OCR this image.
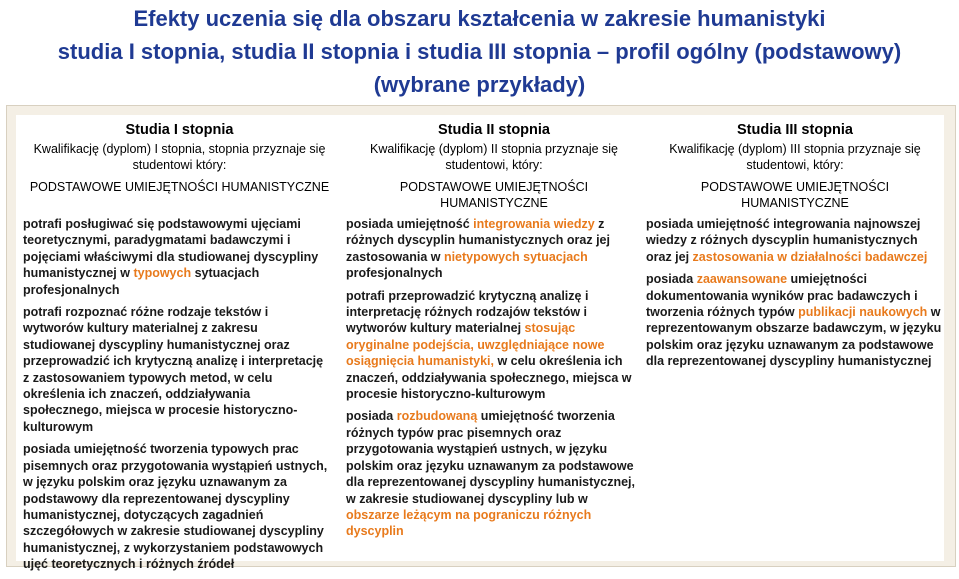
Efekty uczenia się dla obszaru kształcenia w zakresie humanistyki
studia I stopnia, studia II stopnia i studia III stopnia – profil ogólny (podstawowy)
(wybrane przykłady)
Studia I stopnia
Kwalifikację (dyplom) I stopnia, stopnia przyznaje się
studentowi który:
PODSTAWOWE UMIEJĘTNOŚCI HUMANISTYCZNE
Studia II stopnia
Kwalifikację (dyplom) II stopnia przyznaje się
studentowi, który:
PODSTAWOWE UMIEJĘTNOŚCI HUMANISTYCZNE
Studia III stopnia
Kwalifikację (dyplom) III stopnia przyznaje się
studentowi, który:
PODSTAWOWE UMIEJĘTNOŚCI
HUMANISTYCZNE
potrafi posługiwać się podstawowymi ujęciami teoretycznymi, paradygmatami badawczymi i pojęciami właściwymi dla studiowanej dyscypliny humanistycznej w typowych sytuacjach profesjonalnych
potrafi rozpoznać różne rodzaje tekstów i wytworów kultury materialnej z zakresu studiowanej dyscypliny humanistycznej oraz przeprowadzić ich krytyczną analizę i interpretację z zastosowaniem typowych metod, w celu określenia ich znaczeń, oddziaływania społecznego, miejsca w procesie historyczno-kulturowym
posiada umiejętność tworzenia typowych prac pisemnych oraz przygotowania wystąpień ustnych, w języku polskim oraz języku uznawanym za podstawowy dla reprezentowanej dyscypliny humanistycznej, dotyczących zagadnień szczegółowych w zakresie studiowanej dyscypliny humanistycznej, z wykorzystaniem podstawowych ujęć teoretycznych i różnych źródeł
posiada umiejętność integrowania wiedzy z różnych dyscyplin humanistycznych oraz jej zastosowania w nietypowych sytuacjach profesjonalnych
potrafi przeprowadzić krytyczną analizę i interpretację różnych rodzajów tekstów i wytworów kultury materialnej stosując oryginalne podejścia, uwzględniające nowe osiągnięcia humanistyki, w celu określenia ich znaczeń, oddziaływania społecznego, miejsca w procesie historyczno-kulturowym
posiada rozbudowaną umiejętność tworzenia różnych typów prac pisemnych oraz przygotowania wystąpień ustnych, w języku polskim oraz języku uznawanym za podstawowe dla reprezentowanej dyscypliny humanistycznej, w zakresie studiowanej dyscypliny lub w obszarze leżącym na pograniczu różnych dyscyplin
posiada umiejętność integrowania najnowszej wiedzy z różnych dyscyplin humanistycznych oraz jej zastosowania w działalności badawczej
posiada zaawansowane umiejętności dokumentowania wyników prac badawczych i tworzenia różnych typów publikacji naukowych w reprezentowanym obszarze badawczym, w języku polskim oraz języku uznawanym za podstawowe dla reprezentowanej dyscypliny humanistycznej
